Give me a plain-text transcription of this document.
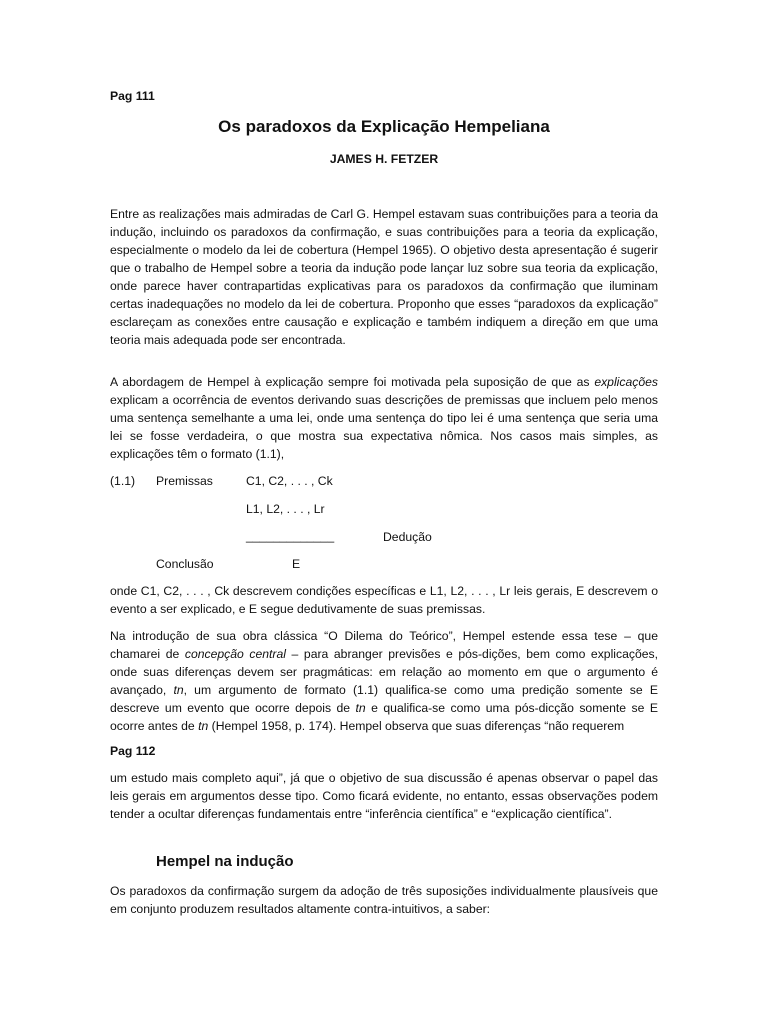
Pag 111
Os paradoxos da Explicação Hempeliana
JAMES H. FETZER

Entre as realizações mais admiradas de Carl G. Hempel estavam suas contribuições para a teoria da indução, incluindo os paradoxos da confirmação, e suas contribuições para a teoria da explicação, especialmente o modelo da lei de cobertura (Hempel 1965). O objetivo desta apresentação é sugerir que o trabalho de Hempel sobre a teoria da indução pode lançar luz sobre sua teoria da explicação, onde parece haver contrapartidas explicativas para os paradoxos da confirmação que iluminam certas inadequações no modelo da lei de cobertura. Proponho que esses “paradoxos da explicação” esclareçam as conexões entre causação e explicação e também indiquem a direção em que uma teoria mais adequada pode ser encontrada.

A abordagem de Hempel à explicação sempre foi motivada pela suposição de que as explicações explicam a ocorrência de eventos derivando suas descrições de premissas que incluem pelo menos uma sentença semelhante a uma lei, onde uma sentença do tipo lei é uma sentença que seria uma lei se fosse verdadeira, o que mostra sua expectativa nômica. Nos casos mais simples, as explicações têm o formato (1.1),

(1.1) Premissas	C1, C2, . . . , Ck
L1, L2, . . . , Lr
_____________	Dedução
Conclusão	E

onde C1, C2, . . . , Ck descrevem condições específicas e L1, L2, . . . , Lr leis gerais, E descrevem o evento a ser explicado, e E segue dedutivamente de suas premissas.

Na introdução de sua obra clássica “O Dilema do Teórico”, Hempel estende essa tese – que chamarei de concepção central – para abranger previsões e pós-dições, bem como explicações, onde suas diferenças devem ser pragmáticas: em relação ao momento em que o argumento é avançado, tn, um argumento de formato (1.1) qualifica-se como uma predição somente se E descreve um evento que ocorre depois de tn e qualifica-se como uma pós-dicção somente se E ocorre antes de tn (Hempel 1958, p. 174). Hempel observa que suas diferenças “não requerem

Pag 112

um estudo mais completo aqui”, já que o objetivo de sua discussão é apenas observar o papel das leis gerais em argumentos desse tipo. Como ficará evidente, no entanto, essas observações podem tender a ocultar diferenças fundamentais entre “inferência científica” e “explicação científica”.

Hempel na indução

Os paradoxos da confirmação surgem da adoção de três suposições individualmente plausíveis que em conjunto produzem resultados altamente contra-intuitivos, a saber:
